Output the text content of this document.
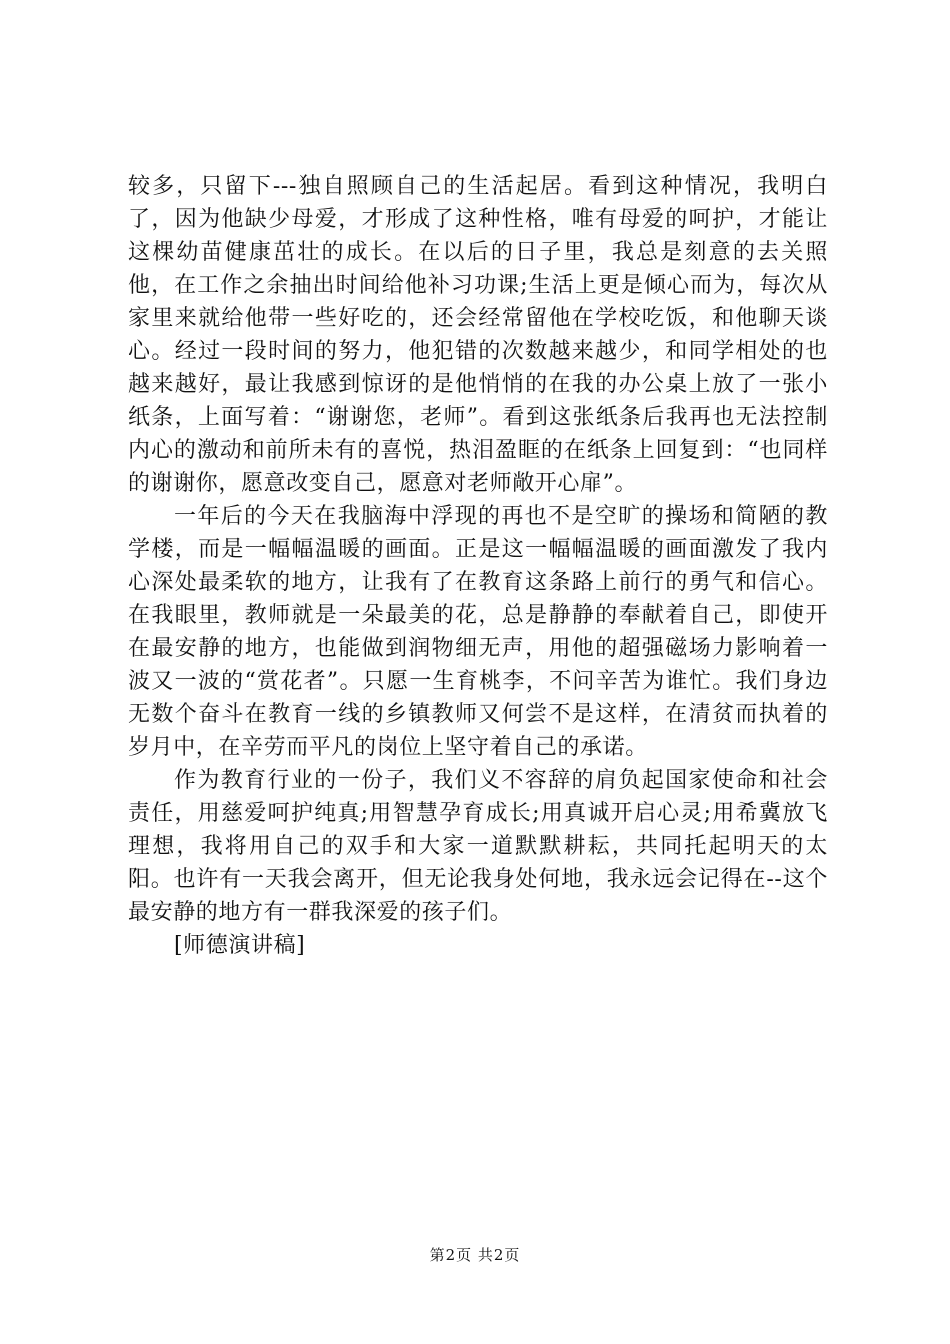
较多，只留下---独自照顾自己的生活起居。看到这种情况，我明白了，因为他缺少母爱，才形成了这种性格，唯有母爱的呵护，才能让这棵幼苗健康茁壮的成长。在以后的日子里，我总是刻意的去关照他，在工作之余抽出时间给他补习功课;生活上更是倾心而为，每次从家里来就给他带一些好吃的，还会经常留他在学校吃饭，和他聊天谈心。经过一段时间的努力，他犯错的次数越来越少，和同学相处的也越来越好，最让我感到惊讶的是他悄悄的在我的办公桌上放了一张小纸条，上面写着：“谢谢您，老师”。看到这张纸条后我再也无法控制内心的激动和前所未有的喜悦，热泪盈眶的在纸条上回复到：“也同样的谢谢你，愿意改变自己，愿意对老师敞开心扉”。

一年后的今天在我脑海中浮现的再也不是空旷的操场和简陋的教学楼，而是一幅幅温暖的画面。正是这一幅幅温暖的画面激发了我内心深处最柔软的地方，让我有了在教育这条路上前行的勇气和信心。在我眼里，教师就是一朵最美的花，总是静静的奉献着自己，即使开在最安静的地方，也能做到润物细无声，用他的超强磁场力影响着一波又一波的“赏花者”。只愿一生育桃李，不问辛苦为谁忙。我们身边无数个奋斗在教育一线的乡镇教师又何尝不是这样，在清贫而执着的岁月中，在辛劳而平凡的岗位上坚守着自己的承诺。

作为教育行业的一份子，我们义不容辞的肩负起国家使命和社会责任，用慈爱呵护纯真;用智慧孕育成长;用真诚开启心灵;用希冀放飞理想，我将用自己的双手和大家一道默默耕耘，共同托起明天的太阳。也许有一天我会离开，但无论我身处何地，我永远会记得在--这个最安静的地方有一群我深爱的孩子们。

[师德演讲稿]

第2页 共2页
